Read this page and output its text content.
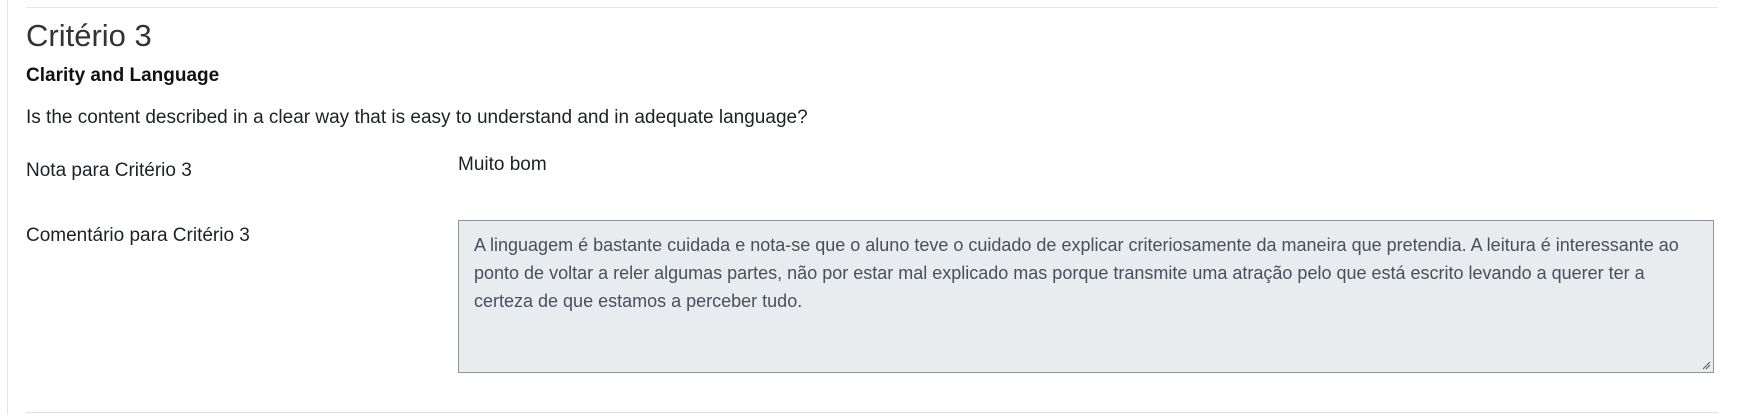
Critério 3
Clarity and Language
Is the content described in a clear way that is easy to understand and in adequate language?
Nota para Critério 3	Muito bom
Comentário para Critério 3	A linguagem é bastante cuidada e nota-se que o aluno teve o cuidado de explicar criteriosamente da maneira que pretendia. A leitura é interessante ao ponto de voltar a reler algumas partes, não por estar mal explicado mas porque transmite uma atração pelo que está escrito levando a querer ter a certeza de que estamos a perceber tudo.
